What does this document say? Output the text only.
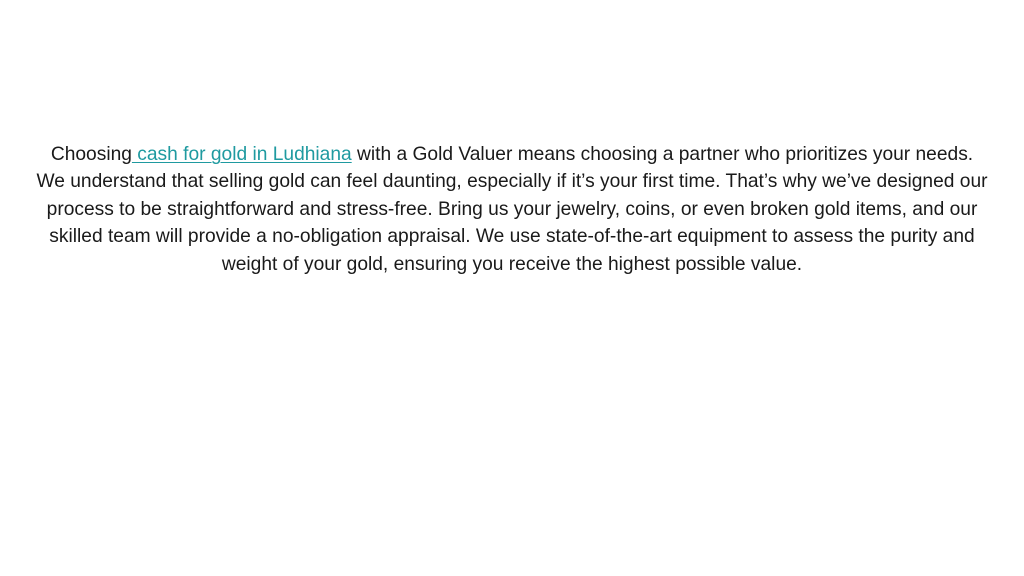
Choosing cash for gold in Ludhiana with a Gold Valuer means choosing a partner who prioritizes your needs. We understand that selling gold can feel daunting, especially if it’s your first time. That’s why we’ve designed our process to be straightforward and stress-free. Bring us your jewelry, coins, or even broken gold items, and our skilled team will provide a no-obligation appraisal. We use state-of-the-art equipment to assess the purity and weight of your gold, ensuring you receive the highest possible value.
